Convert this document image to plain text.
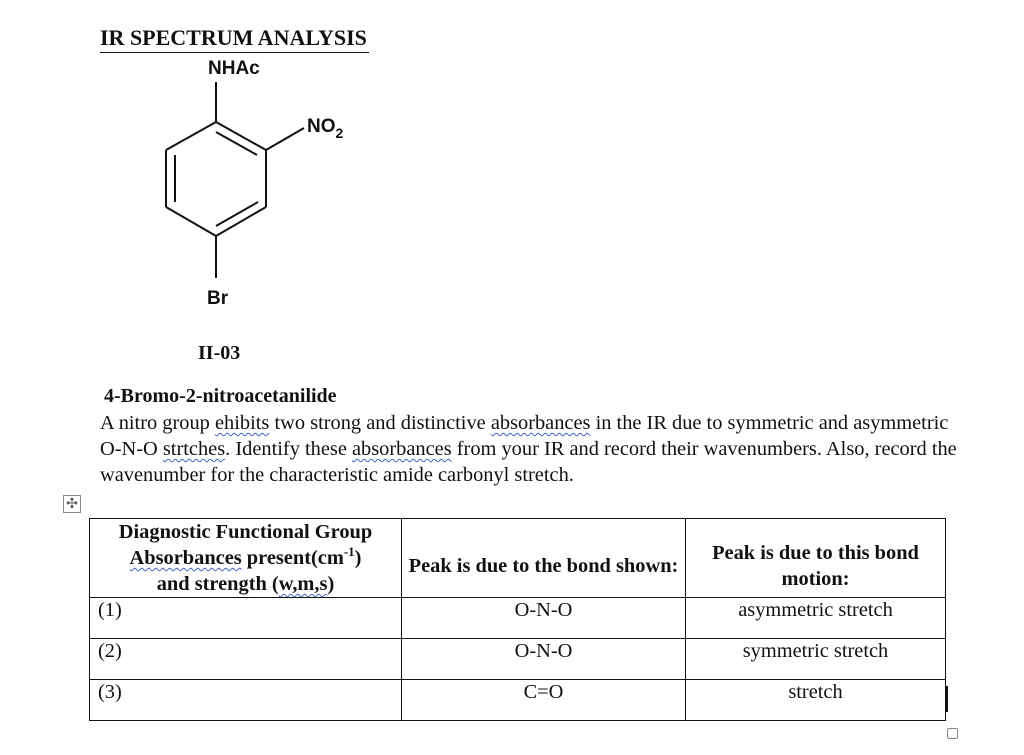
IR SPECTRUM ANALYSIS
NHAc
$NO_2$
Br
II-03
4-Bromo-2-nitroacetanilide
A nitro group ehibits two strong and distinctive absorbances in the IR due to symmetric and asymmetric O-N-O strtches. Identify these absorbances from your IR and record their wavenumbers. Also, record the wavenumber for the characteristic amide carbonyl stretch.
✣
Diagnostic Functional Group
Absorbances $present(cm^{-1})$
and strength (w,m,s)	Peak is due to the bond shown:	Peak is due to this bond motion:

(1)	O-N-O	asymmetric stretch
(2)	O-N-O	symmetric stretch
(3)	C=O	stretch
